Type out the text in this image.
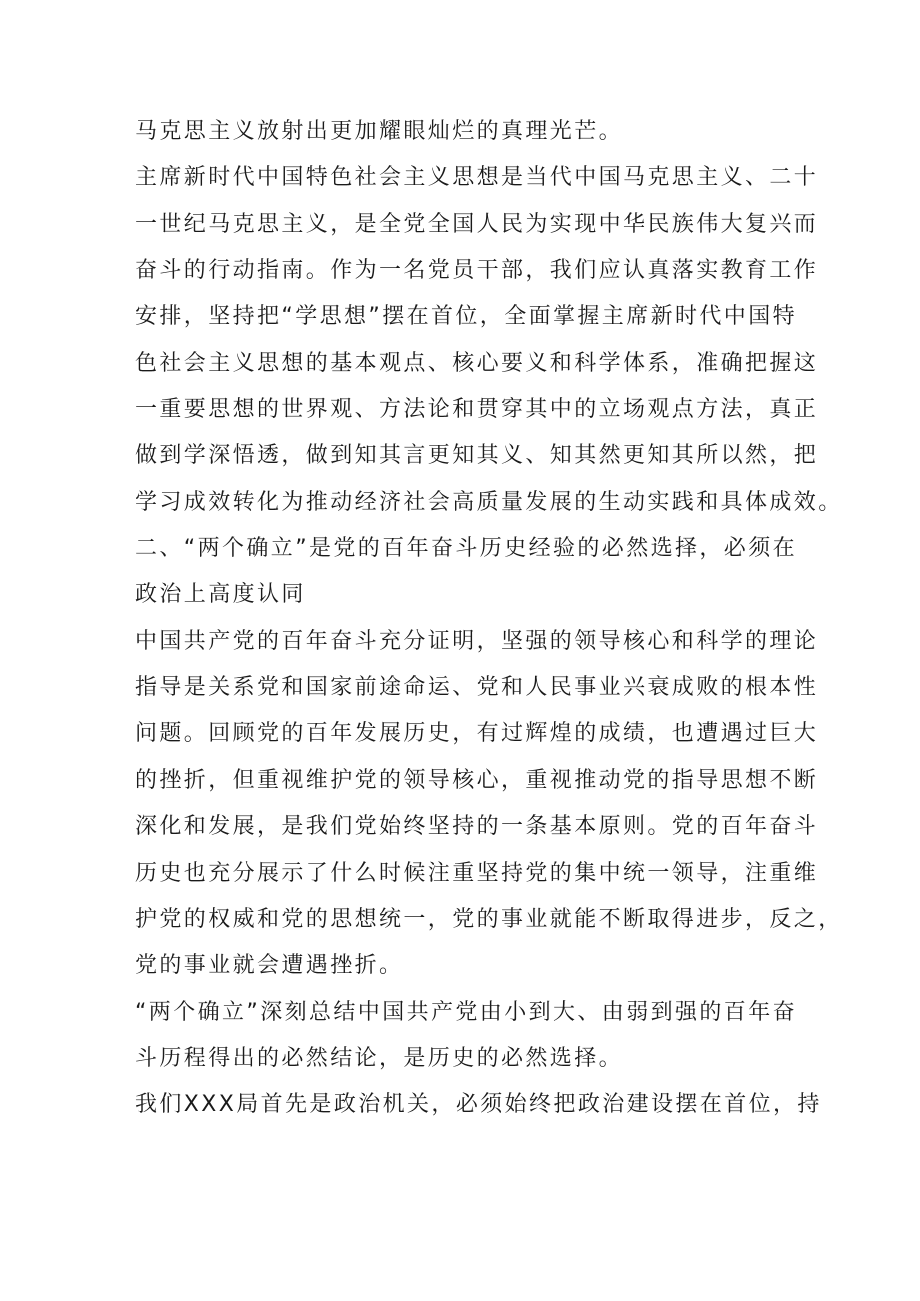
马克思主义放射出更加耀眼灿烂的真理光芒。
主席新时代中国特色社会主义思想是当代中国马克思主义、二十
一世纪马克思主义，是全党全国人民为实现中华民族伟大复兴而
奋斗的行动指南。作为一名党员干部，我们应认真落实教育工作
安排，坚持把“学思想”摆在首位，全面掌握主席新时代中国特
色社会主义思想的基本观点、核心要义和科学体系，准确把握这
一重要思想的世界观、方法论和贯穿其中的立场观点方法，真正
做到学深悟透，做到知其言更知其义、知其然更知其所以然，把
学习成效转化为推动经济社会高质量发展的生动实践和具体成效。
二、“两个确立”是党的百年奋斗历史经验的必然选择，必须在
政治上高度认同
中国共产党的百年奋斗充分证明，坚强的领导核心和科学的理论
指导是关系党和国家前途命运、党和人民事业兴衰成败的根本性
问题。回顾党的百年发展历史，有过辉煌的成绩，也遭遇过巨大
的挫折，但重视维护党的领导核心，重视推动党的指导思想不断
深化和发展，是我们党始终坚持的一条基本原则。党的百年奋斗
历史也充分展示了什么时候注重坚持党的集中统一领导，注重维
护党的权威和党的思想统一，党的事业就能不断取得进步，反之，
党的事业就会遭遇挫折。
“两个确立”深刻总结中国共产党由小到大、由弱到强的百年奋
斗历程得出的必然结论，是历史的必然选择。
我们XXX局首先是政治机关，必须始终把政治建设摆在首位，持
